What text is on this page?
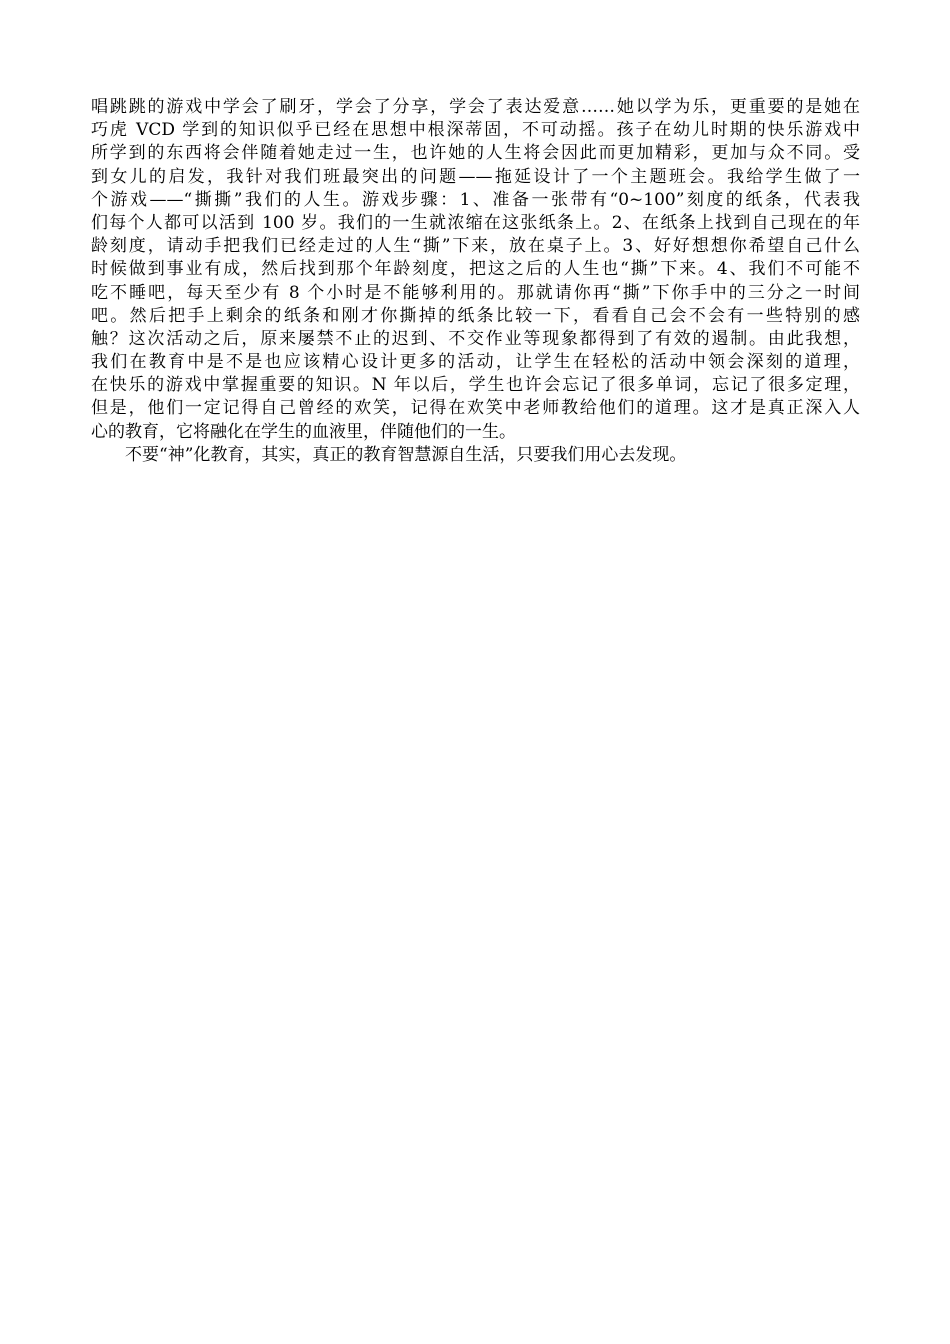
唱跳跳的游戏中学会了刷牙，学会了分享，学会了表达爱意……她以学为乐，更重要的是她在
巧虎 VCD 学到的知识似乎已经在思想中根深蒂固，不可动摇。孩子在幼儿时期的快乐游戏中
所学到的东西将会伴随着她走过一生，也许她的人生将会因此而更加精彩，更加与众不同。受
到女儿的启发，我针对我们班最突出的问题——拖延设计了一个主题班会。我给学生做了一
个游戏——“撕撕”我们的人生。游戏步骤：1、准备一张带有“0~100”刻度的纸条，代表我
们每个人都可以活到 100 岁。我们的一生就浓缩在这张纸条上。2、在纸条上找到自己现在的年
龄刻度，请动手把我们已经走过的人生“撕”下来，放在桌子上。3、好好想想你希望自己什么
时候做到事业有成，然后找到那个年龄刻度，把这之后的人生也“撕”下来。4、我们不可能不
吃不睡吧，每天至少有 8 个小时是不能够利用的。那就请你再“撕”下你手中的三分之一时间
吧。然后把手上剩余的纸条和刚才你撕掉的纸条比较一下，看看自己会不会有一些特别的感
触？这次活动之后，原来屡禁不止的迟到、不交作业等现象都得到了有效的遏制。由此我想，
我们在教育中是不是也应该精心设计更多的活动，让学生在轻松的活动中领会深刻的道理，
在快乐的游戏中掌握重要的知识。N 年以后，学生也许会忘记了很多单词，忘记了很多定理，
但是，他们一定记得自己曾经的欢笑，记得在欢笑中老师教给他们的道理。这才是真正深入人
心的教育，它将融化在学生的血液里，伴随他们的一生。
不要“神”化教育，其实，真正的教育智慧源自生活，只要我们用心去发现。
